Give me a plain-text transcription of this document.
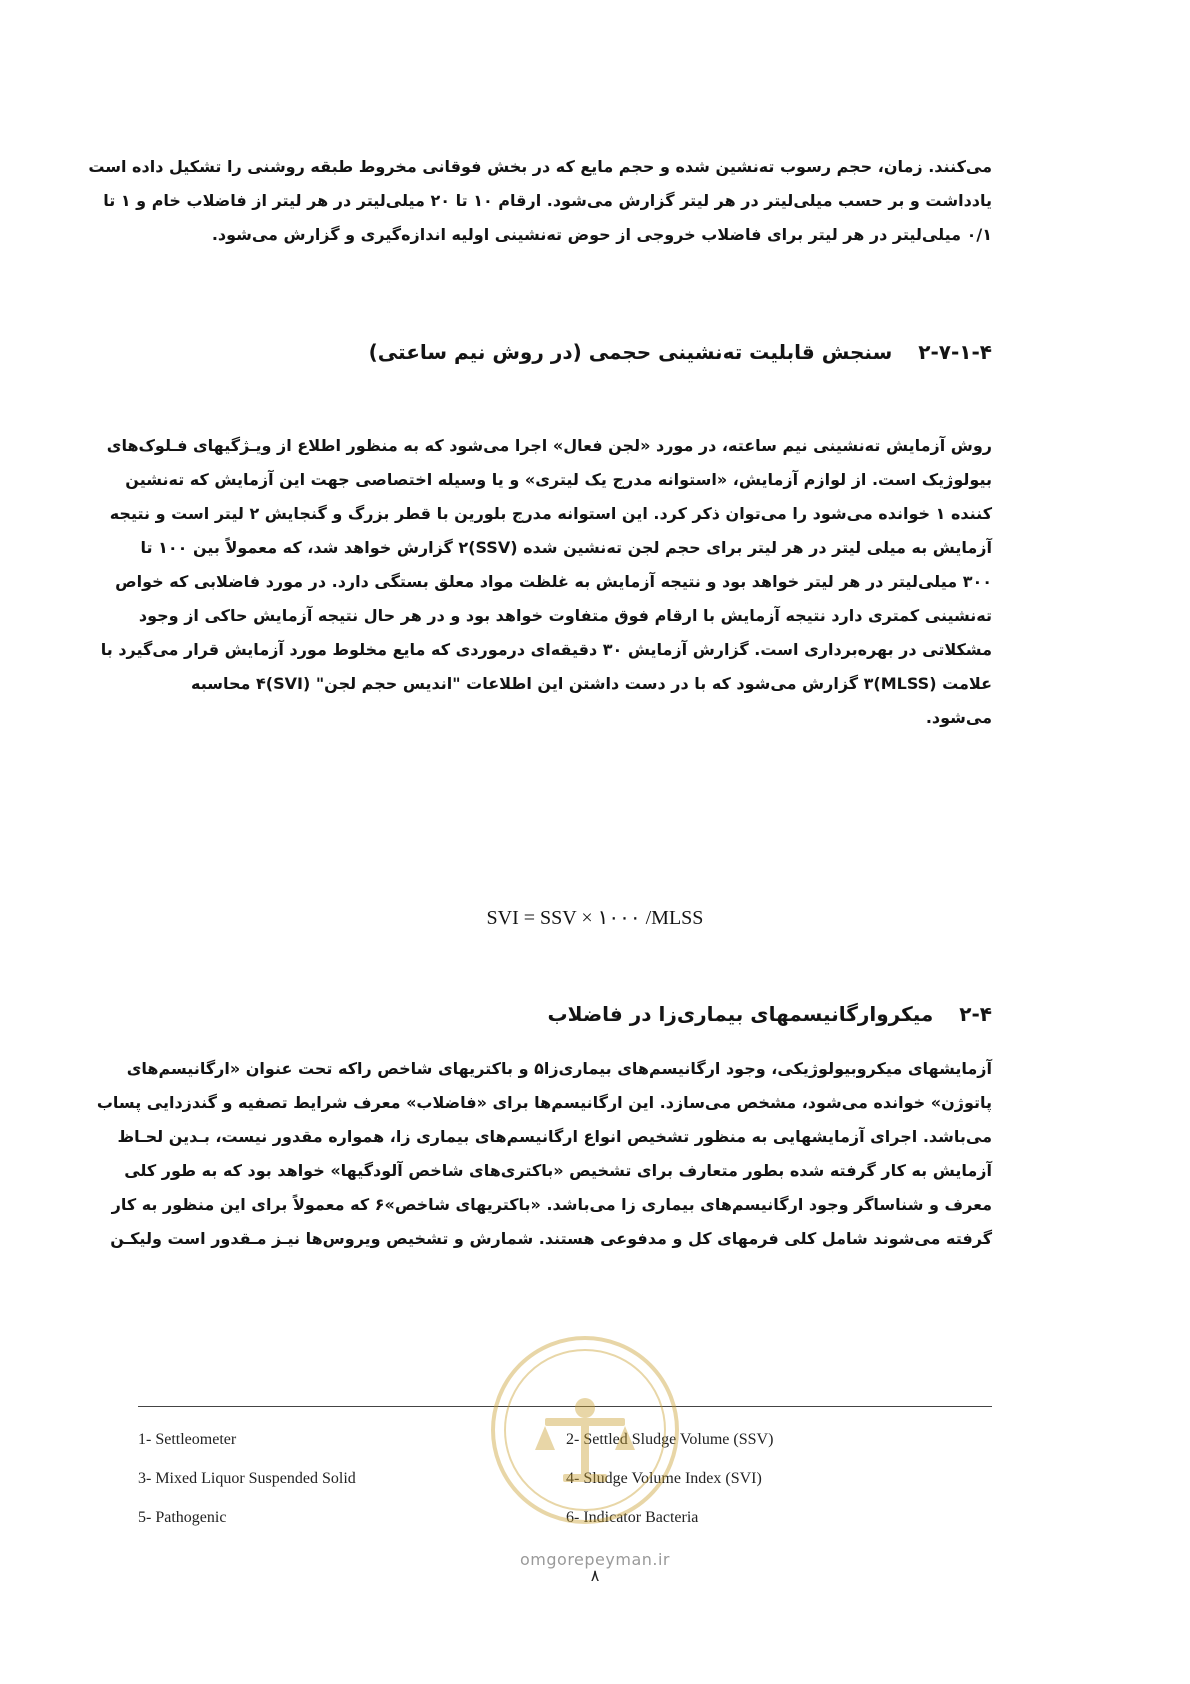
می‌کنند. زمان، حجم رسوب ته‌نشین شده و حجم مایع که در بخش فوقانی مخروط طبقه روشنی را تشکیل داده است
یادداشت و بر حسب میلی‌لیتر در هر لیتر گزارش می‌شود. ارقام ۱۰ تا ۲۰ میلی‌لیتر در هر لیتر از فاضلاب خام و ۱ تا
۰/۱ میلی‌لیتر در هر لیتر برای فاضلاب خروجی از حوض ته‌نشینی اولیه اندازه‌گیری و گزارش می‌شود.
۲-۷-۱-۴سنجش قابلیت ته‌نشینی حجمی (در روش نیم ساعتی)
روش آزمایش ته‌نشینی نیم ساعته، در مورد «لجن فعال» اجرا می‌شود که به منظور اطلاع از ویـژگیهای فـلوک‌های
بیولوژیک است. از لوازم آزمایش، «استوانه مدرج یک لیتری» و یا وسیله اختصاصی جهت این آزمایش که ته‌نشین
کننده ۱ خوانده می‌شود را می‌توان ذکر کرد. این استوانه مدرج بلورین با قطر بزرگ و گنجایش ۲ لیتر است و نتیجه
آزمایش به میلی لیتر در هر لیتر برای حجم لجن ته‌نشین شده (SSV)۲ گزارش خواهد شد، که معمولاً بین ۱۰۰ تا
۳۰۰ میلی‌لیتر در هر لیتر خواهد بود و نتیجه آزمایش به غلظت مواد معلق بستگی دارد. در مورد فاضلابی که خواص
ته‌نشینی کمتری دارد نتیجه آزمایش با ارقام فوق متفاوت خواهد بود و در هر حال نتیجه آزمایش حاکی از وجود
مشکلاتی در بهره‌برداری است. گزارش آزمایش ۳۰ دقیقه‌ای درموردی که مایع مخلوط مورد آزمایش قرار می‌گیرد با
علامت (MLSS)۳ گزارش می‌شود که با در دست داشتن این اطلاعات "اندیس حجم لجن" (SVI)۴ محاسبه
می‌شود.
SVI = SSV × ۱۰۰۰ /MLSS
۲-۴میکروارگانیسمهای بیماری‌زا در فاضلاب
آزمایشهای میکروبیولوژیکی، وجود ارگانیسم‌های بیماری‌زا۵ و باکتریهای شاخص راکه تحت عنوان «ارگانیسم‌های
پاتوژن» خوانده می‌شود، مشخص می‌سازد. این ارگانیسم‌ها برای «فاضلاب» معرف شرایط تصفیه و گندزدایی پساب
می‌باشد. اجرای آزمایشهایی به منظور تشخیص انواع ارگانیسم‌های بیماری زا، همواره مقدور نیست، بـدین لحـاظ
آزمایش به کار گرفته شده بطور متعارف برای تشخیص «باکتری‌های شاخص آلودگیها» خواهد بود که به طور کلی
معرف و شناساگر وجود ارگانیسم‌های بیماری زا می‌باشد. «باکتریهای شاخص»۶ که معمولاً برای این منظور به کار
گرفته می‌شوند شامل کلی فرمهای کل و مدفوعی هستند. شمارش و تشخیص ویروس‌ها نیـز مـقدور است ولیکـن
1- Settleometer	2- Settled Sludge Volume (SSV)
3- Mixed Liquor Suspended Solid	4- Sludge Volume Index (SVI)
5- Pathogenic	6- Indicator Bacteria
omgorepeyman.ir
۸
